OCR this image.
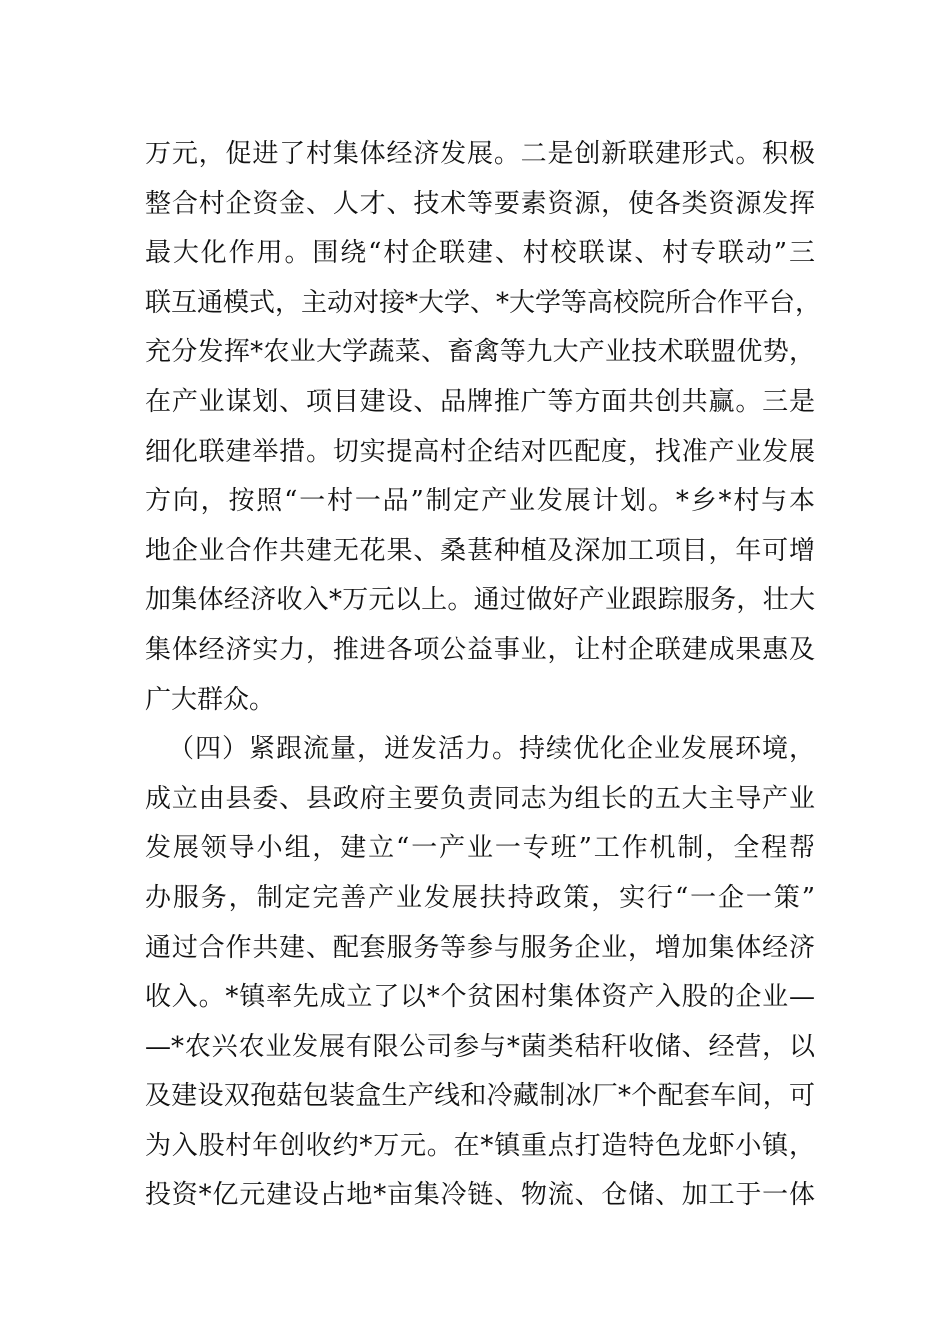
万元，促进了村集体经济发展。二是创新联建形式。积极
整合村企资金、人才、技术等要素资源，使各类资源发挥
最大化作用。围绕“村企联建、村校联谋、村专联动”三
联互通模式，主动对接*大学、*大学等高校院所合作平台，
充分发挥*农业大学蔬菜、畜禽等九大产业技术联盟优势，
在产业谋划、项目建设、品牌推广等方面共创共赢。三是
细化联建举措。切实提高村企结对匹配度，找准产业发展
方向，按照“一村一品”制定产业发展计划。*乡*村与本
地企业合作共建无花果、桑葚种植及深加工项目，年可增
加集体经济收入*万元以上。通过做好产业跟踪服务，壮大
集体经济实力，推进各项公益事业，让村企联建成果惠及
广大群众。
（四）紧跟流量，迸发活力。持续优化企业发展环境，
成立由县委、县政府主要负责同志为组长的五大主导产业
发展领导小组，建立“一产业一专班”工作机制，全程帮
办服务，制定完善产业发展扶持政策，实行“一企一策”
通过合作共建、配套服务等参与服务企业，增加集体经济
收入。*镇率先成立了以*个贫困村集体资产入股的企业—
—*农兴农业发展有限公司参与*菌类秸秆收储、经营，以
及建设双孢菇包装盒生产线和冷藏制冰厂*个配套车间，可
为入股村年创收约*万元。在*镇重点打造特色龙虾小镇，
投资*亿元建设占地*亩集冷链、物流、仓储、加工于一体
